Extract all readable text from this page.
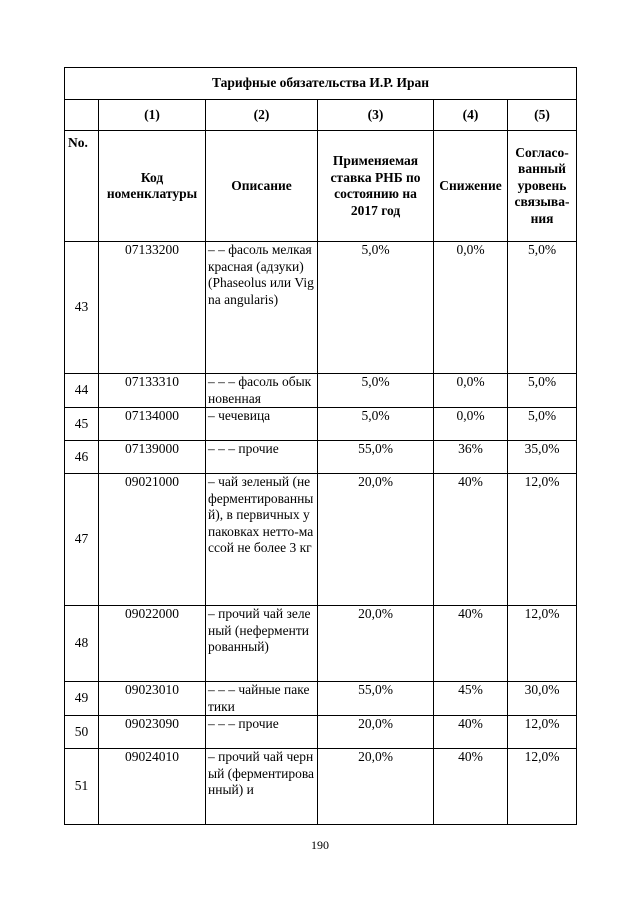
Тарифные обязательства И.Р. Иран					
	(1)	(2)	(3)	(4)	(5)
No.	Код номенклатуры	Описание	Применяемая ставка РНБ по состоянию на 2017 год	Снижение	Согласо-ванный уровень связыва-ния
43	07133200	– – фасоль мелкая красная (адзуки) (Phaseolus или Vigna angularis)	5,0%	0,0%	5,0%
44	07133310	– – – фасоль обыкновенная	5,0%	0,0%	5,0%
45	07134000	– чечевица	5,0%	0,0%	5,0%
46	07139000	– – – прочие	55,0%	36%	35,0%
47	09021000	– чай зеленый (неферментированный), в первичных упаковках нетто-массой не более 3 кг	20,0%	40%	12,0%
48	09022000	– прочий чай зеленый (неферментированный)	20,0%	40%	12,0%
49	09023010	– – – чайные пакетики	55,0%	45%	30,0%
50	09023090	– – – прочие	20,0%	40%	12,0%
51	09024010	– прочий чай черный (ферментированный) и	20,0%	40%	12,0%
190
